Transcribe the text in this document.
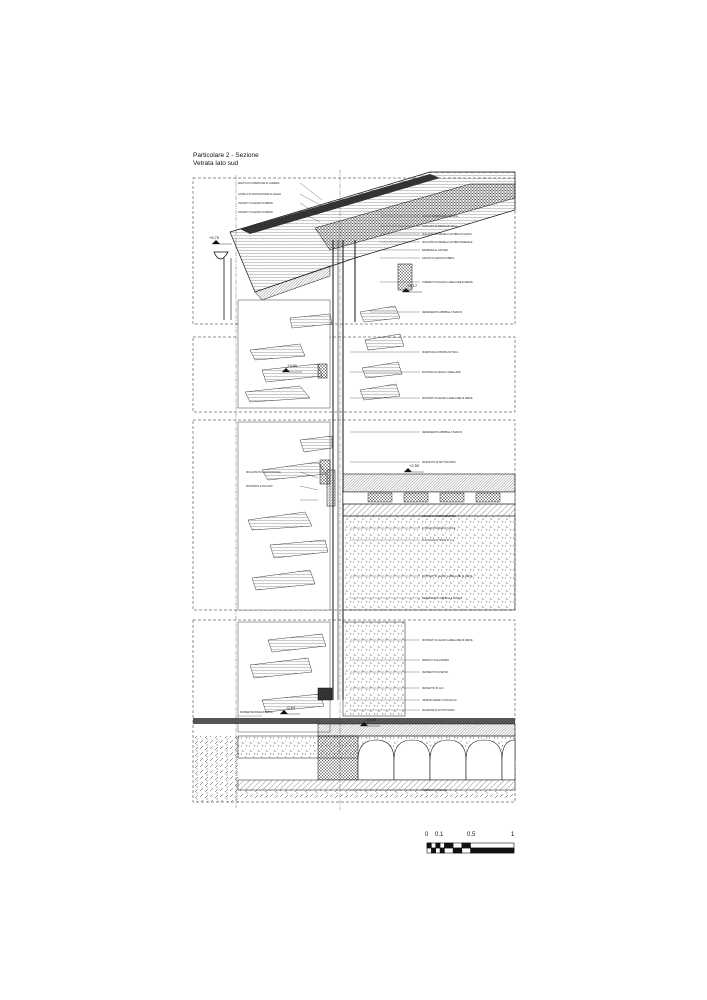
Particolare 2 - Sezione
Vetrata lato sud
MANTO DI COPERTURA IN LAMIERA
LISTELLI DI VENTILAZIONE IN LEGNO
TRAVETTI IN LEGNO DI ABETE
TRAVETTI IN LEGNO DI ABETE
GUAINA IMPERMEABILIZZANTE
TAVOLATO IN ABETE SP. 25mm
ISOLANTE IN PANNELLI DI FIBRA DI LEGNO
ISOLANTE IN PANNELLI DI FIBRA MINERALE
BARRIERA AL VAPORE
ASSITO IN LEGNO DI ABETE
CORRENTI IN LEGNO LAMELLARE DI ABETE
SERRAMENTO APRIBILE A TENUTA
MURATURA IN PIETRA SP. 50cm
PIANTANA IN LEGNO LAMELLARE
MONTANTI IN LEGNO LAMELLARE DI ABETE
SERRAMENTO APRIBILE A TENUTA
MASSETTO DI SOTTOFONDO
SOLAIO IN LATEROCEMENTO
INTONACO A BASE DI CALCE
PLACCAGGIO TRAVE IN C.A.
MONTANTI IN LEGNO LAMELLARE DI ABETE
SERRAMENTO APRIBILE A TENUTA
MONTANTI IN LEGNO LAMELLARE DI ABETE
PROFILO IN ALLUMINIO
PAVIMENTO IN PIETRA
MASSETTO IN CLS
VESPAIO AERATO CON IGLOO
MAGRONE DI SOTTOFONDO
TERRENO NATURALE
ISOLANTE IN LANA DI ROCCIA
MONTANTE IN ACCIAIO
PAVIMENTAZIONE ESTERNA
+5,70
+5,17
+3,50
+2,50
±0,00
-0,60
0 0.1	0.5	1
